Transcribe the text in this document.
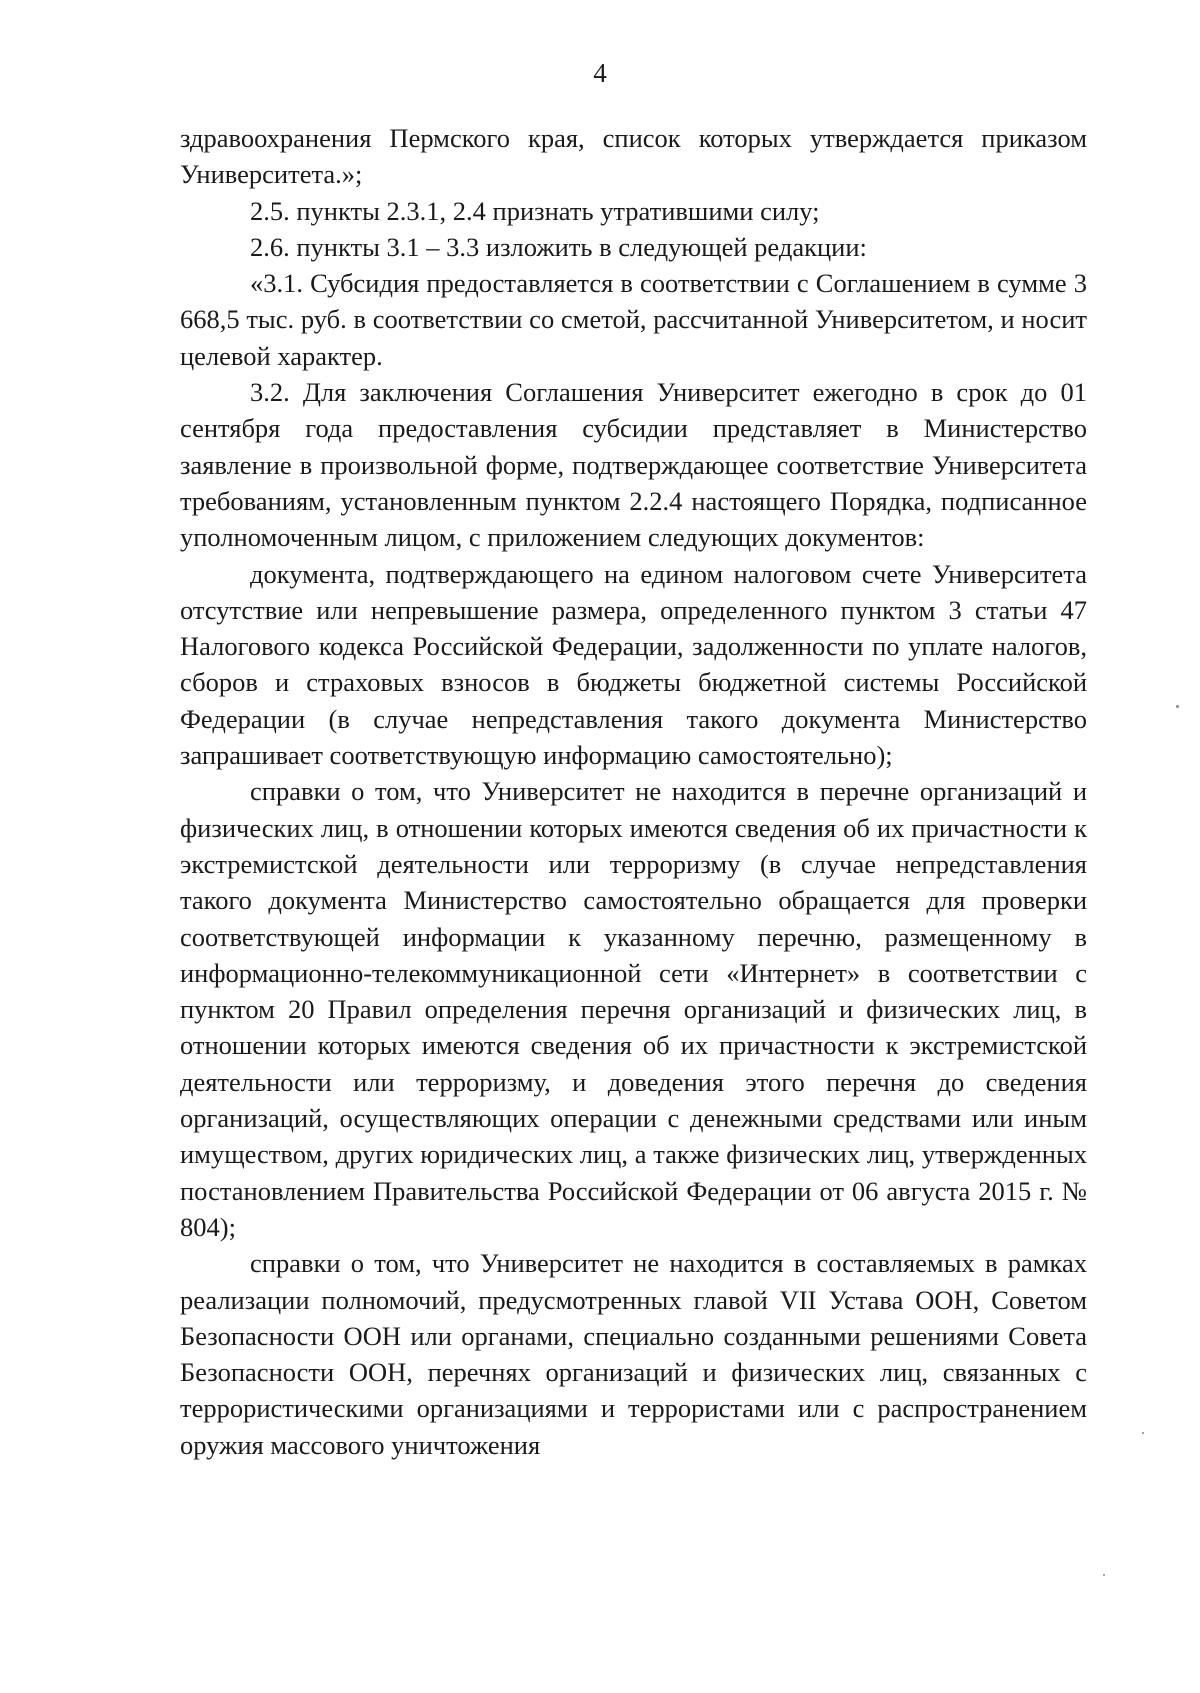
4

здравоохранения Пермского края, список которых утверждается приказом Университета.»;

2.5. пункты 2.3.1, 2.4 признать утратившими силу;

2.6. пункты 3.1 – 3.3 изложить в следующей редакции:

«3.1. Субсидия предоставляется в соответствии с Соглашением в сумме 3 668,5 тыс. руб. в соответствии со сметой, рассчитанной Университетом, и носит целевой характер.

3.2. Для заключения Соглашения Университет ежегодно в срок до 01 сентября года предоставления субсидии представляет в Министерство заявление в произвольной форме, подтверждающее соответствие Университета требованиям, установленным пунктом 2.2.4 настоящего Порядка, подписанное уполномоченным лицом, с приложением следующих документов:

документа, подтверждающего на едином налоговом счете Университета отсутствие или непревышение размера, определенного пунктом 3 статьи 47 Налогового кодекса Российской Федерации, задолженности по уплате налогов, сборов и страховых взносов в бюджеты бюджетной системы Российской Федерации (в случае непредставления такого документа Министерство запрашивает соответствующую информацию самостоятельно);

справки о том, что Университет не находится в перечне организаций и физических лиц, в отношении которых имеются сведения об их причастности к экстремистской деятельности или терроризму (в случае непредставления такого документа Министерство самостоятельно обращается для проверки соответствующей информации к указанному перечню, размещенному в информационно-телекоммуникационной сети «Интернет» в соответствии с пунктом 20 Правил определения перечня организаций и физических лиц, в отношении которых имеются сведения об их причастности к экстремистской деятельности или терроризму, и доведения этого перечня до сведения организаций, осуществляющих операции с денежными средствами или иным имуществом, других юридических лиц, а также физических лиц, утвержденных постановлением Правительства Российской Федерации от 06 августа 2015 г. № 804);

справки о том, что Университет не находится в составляемых в рамках реализации полномочий, предусмотренных главой VII Устава ООН, Советом Безопасности ООН или органами, специально созданными решениями Совета Безопасности ООН, перечнях организаций и физических лиц, связанных с террористическими организациями и террористами или с распространением оружия массового уничтожения
